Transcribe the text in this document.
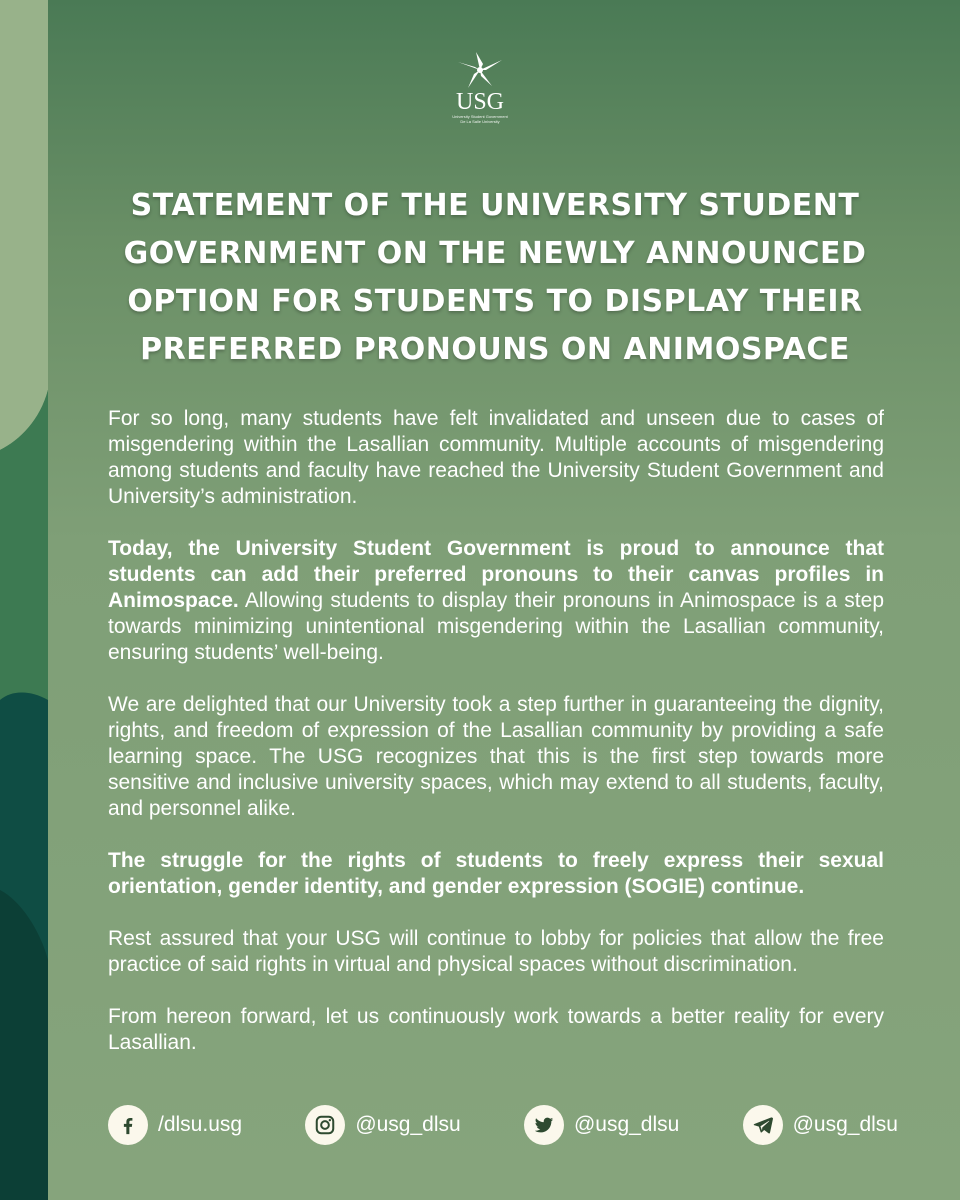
USG
University Student Government
De La Salle University
STATEMENT OF THE UNIVERSITY STUDENT GOVERNMENT ON THE NEWLY ANNOUNCED OPTION FOR STUDENTS TO DISPLAY THEIR PREFERRED PRONOUNS ON ANIMOSPACE

For so long, many students have felt invalidated and unseen due to cases of misgendering within the Lasallian community. Multiple accounts of misgendering among students and faculty have reached the University Student Government and University’s administration.

Today, the University Student Government is proud to announce that students can add their preferred pronouns to their canvas profiles in Animospace. Allowing students to display their pronouns in Animospace is a step towards minimizing unintentional misgendering within the Lasallian community, ensuring students’ well-being.

We are delighted that our University took a step further in guaranteeing the dignity, rights, and freedom of expression of the Lasallian community by providing a safe learning space. The USG recognizes that this is the first step towards more sensitive and inclusive university spaces, which may extend to all students, faculty, and personnel alike.

The struggle for the rights of students to freely express their sexual orientation, gender identity, and gender expression (SOGIE) continue.

Rest assured that your USG will continue to lobby for policies that allow the free practice of said rights in virtual and physical spaces without discrimination.

From hereon forward, let us continuously work towards a better reality for every Lasallian.

/dlsu.usg	@usg_dlsu	@usg_dlsu	@usg_dlsu
